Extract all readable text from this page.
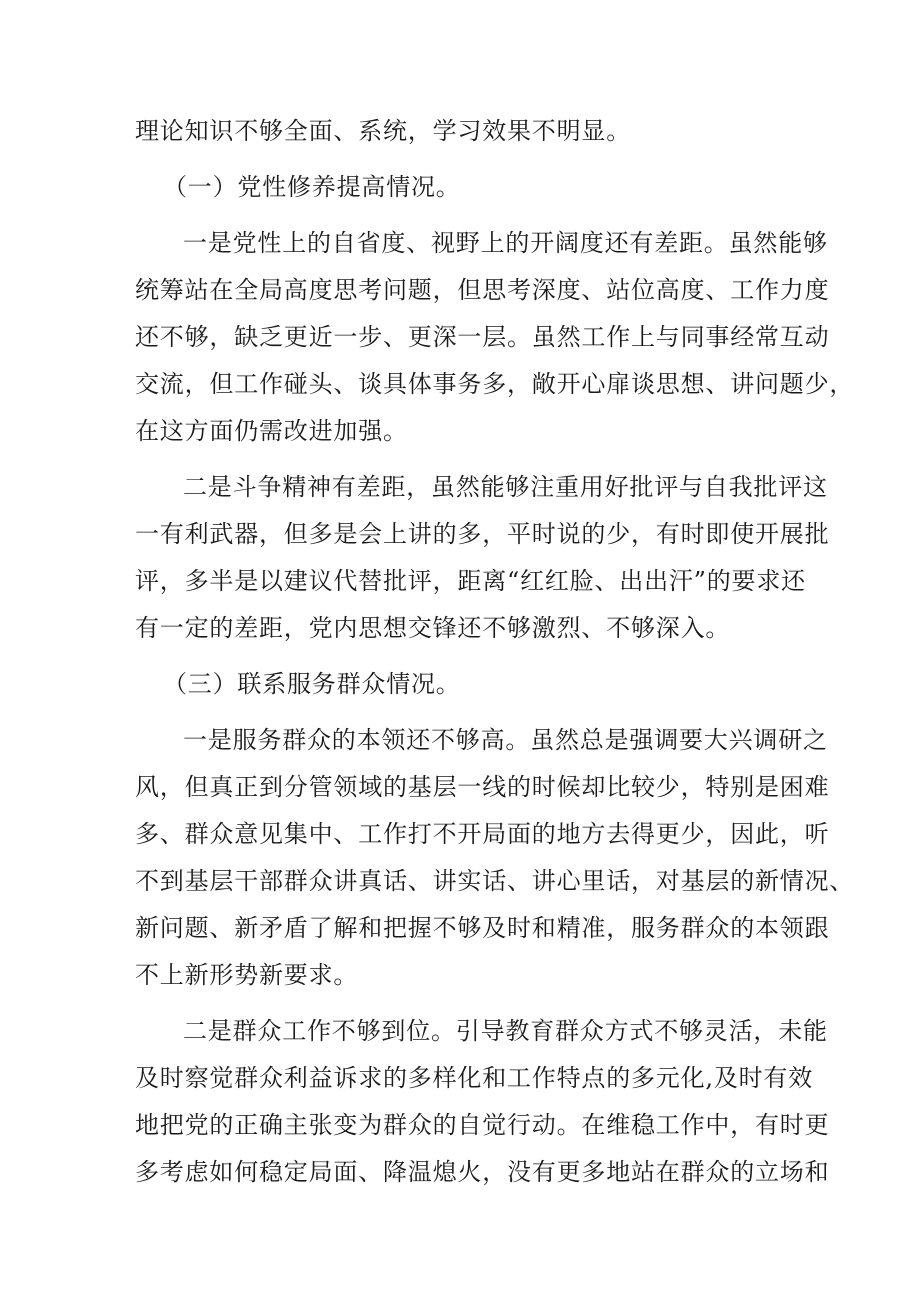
理论知识不够全面、系统，学习效果不明显。
（一）党性修养提高情况。
一是党性上的自省度、视野上的开阔度还有差距。虽然能够
统筹站在全局高度思考问题，但思考深度、站位高度、工作力度
还不够，缺乏更近一步、更深一层。虽然工作上与同事经常互动
交流，但工作碰头、谈具体事务多，敞开心扉谈思想、讲问题少，
在这方面仍需改进加强。
二是斗争精神有差距，虽然能够注重用好批评与自我批评这
一有利武器，但多是会上讲的多，平时说的少，有时即使开展批
评，多半是以建议代替批评，距离“红红脸、出出汗”的要求还
有一定的差距，党内思想交锋还不够激烈、不够深入。
（三）联系服务群众情况。
一是服务群众的本领还不够高。虽然总是强调要大兴调研之
风，但真正到分管领域的基层一线的时候却比较少，特别是困难
多、群众意见集中、工作打不开局面的地方去得更少，因此，听
不到基层干部群众讲真话、讲实话、讲心里话，对基层的新情况、
新问题、新矛盾了解和把握不够及时和精准，服务群众的本领跟
不上新形势新要求。
二是群众工作不够到位。引导教育群众方式不够灵活，未能
及时察觉群众利益诉求的多样化和工作特点的多元化,及时有效
地把党的正确主张变为群众的自觉行动。在维稳工作中，有时更
多考虑如何稳定局面、降温熄火，没有更多地站在群众的立场和
